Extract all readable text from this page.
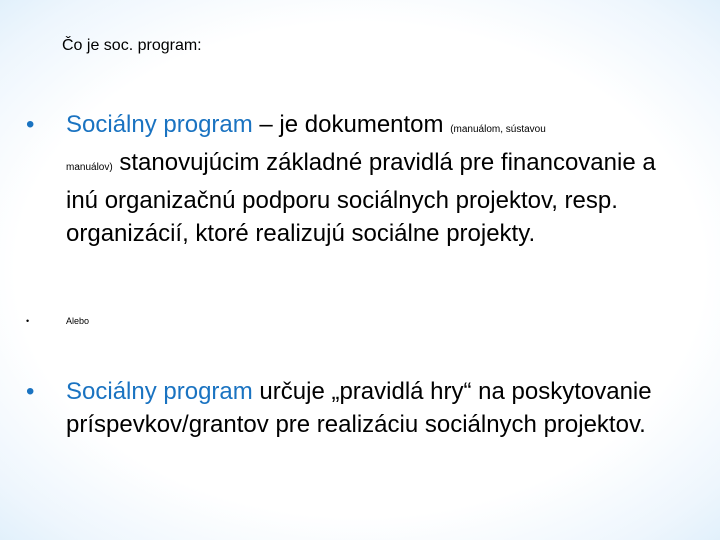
Čo je soc. program:
• Sociálny program – je dokumentom (manuálom, sústavou
manuálov) stanovujúcim základné pravidlá pre financovanie a inú organizačnú podporu sociálnych projektov, resp. organizácií, ktoré realizujú sociálne projekty.
•	Alebo
• Sociálny program určuje „pravidlá hry“ na poskytovanie príspevkov/grantov pre realizáciu sociálnych projektov.
